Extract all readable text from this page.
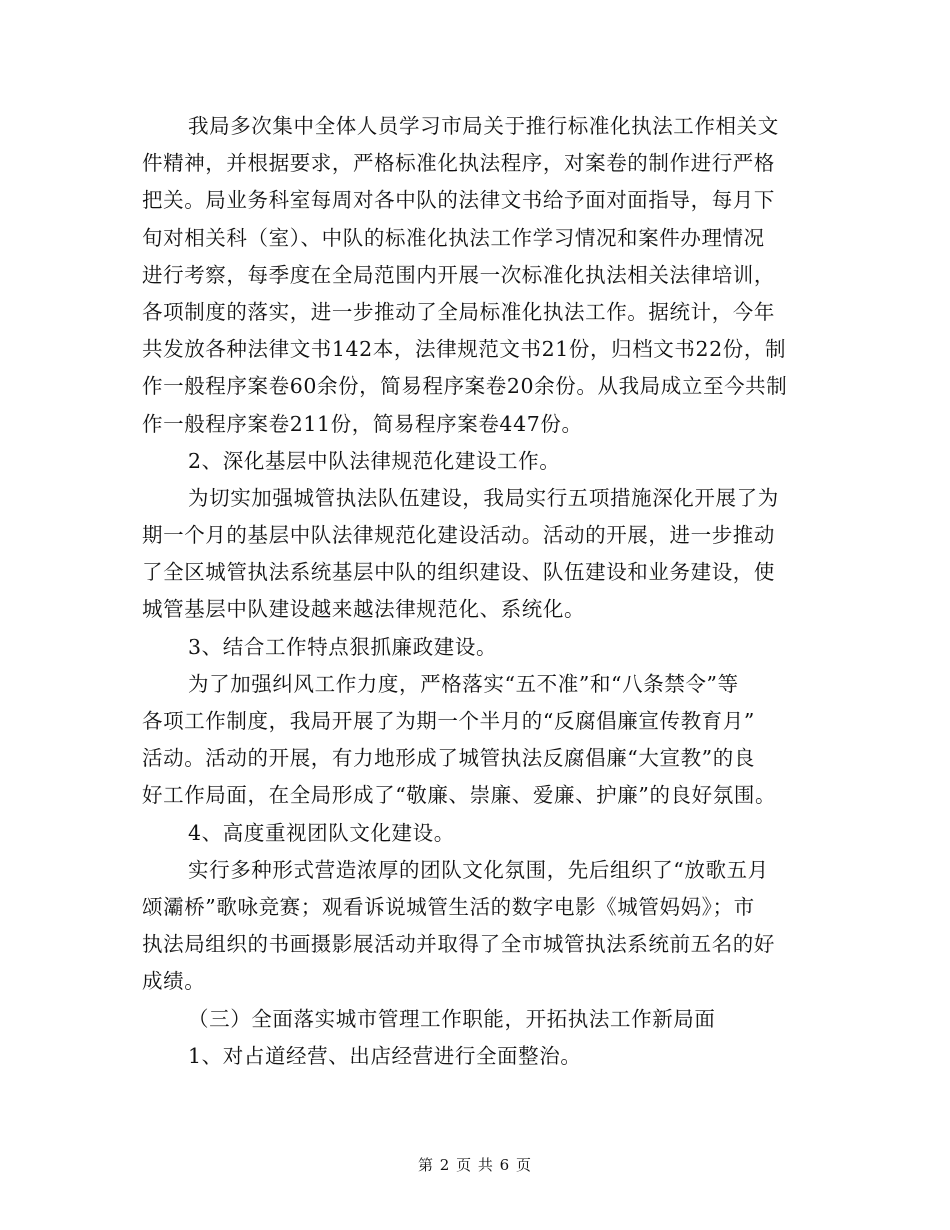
我局多次集中全体人员学习市局关于推行标准化执法工作相关文
件精神，并根据要求，严格标准化执法程序，对案卷的制作进行严格
把关。局业务科室每周对各中队的法律文书给予面对面指导，每月下
旬对相关科（室）、中队的标准化执法工作学习情况和案件办理情况
进行考察，每季度在全局范围内开展一次标准化执法相关法律培训，
各项制度的落实，进一步推动了全局标准化执法工作。据统计，今年
共发放各种法律文书142本，法律规范文书21份，归档文书22份，制
作一般程序案卷60余份，简易程序案卷20余份。从我局成立至今共制
作一般程序案卷211份，简易程序案卷447份。
2、深化基层中队法律规范化建设工作。
为切实加强城管执法队伍建设，我局实行五项措施深化开展了为
期一个月的基层中队法律规范化建设活动。活动的开展，进一步推动
了全区城管执法系统基层中队的组织建设、队伍建设和业务建设，使
城管基层中队建设越来越法律规范化、系统化。
3、结合工作特点狠抓廉政建设。
为了加强纠风工作力度，严格落实“五不准”和“八条禁令”等
各项工作制度，我局开展了为期一个半月的“反腐倡廉宣传教育月”
活动。活动的开展，有力地形成了城管执法反腐倡廉“大宣教”的良
好工作局面，在全局形成了“敬廉、崇廉、爱廉、护廉”的良好氛围。
4、高度重视团队文化建设。
实行多种形式营造浓厚的团队文化氛围，先后组织了“放歌五月
颂灞桥”歌咏竞赛；观看诉说城管生活的数字电影《城管妈妈》；市
执法局组织的书画摄影展活动并取得了全市城管执法系统前五名的好
成绩。
（三）全面落实城市管理工作职能，开拓执法工作新局面
1、对占道经营、出店经营进行全面整治。
第 2 页 共 6 页
